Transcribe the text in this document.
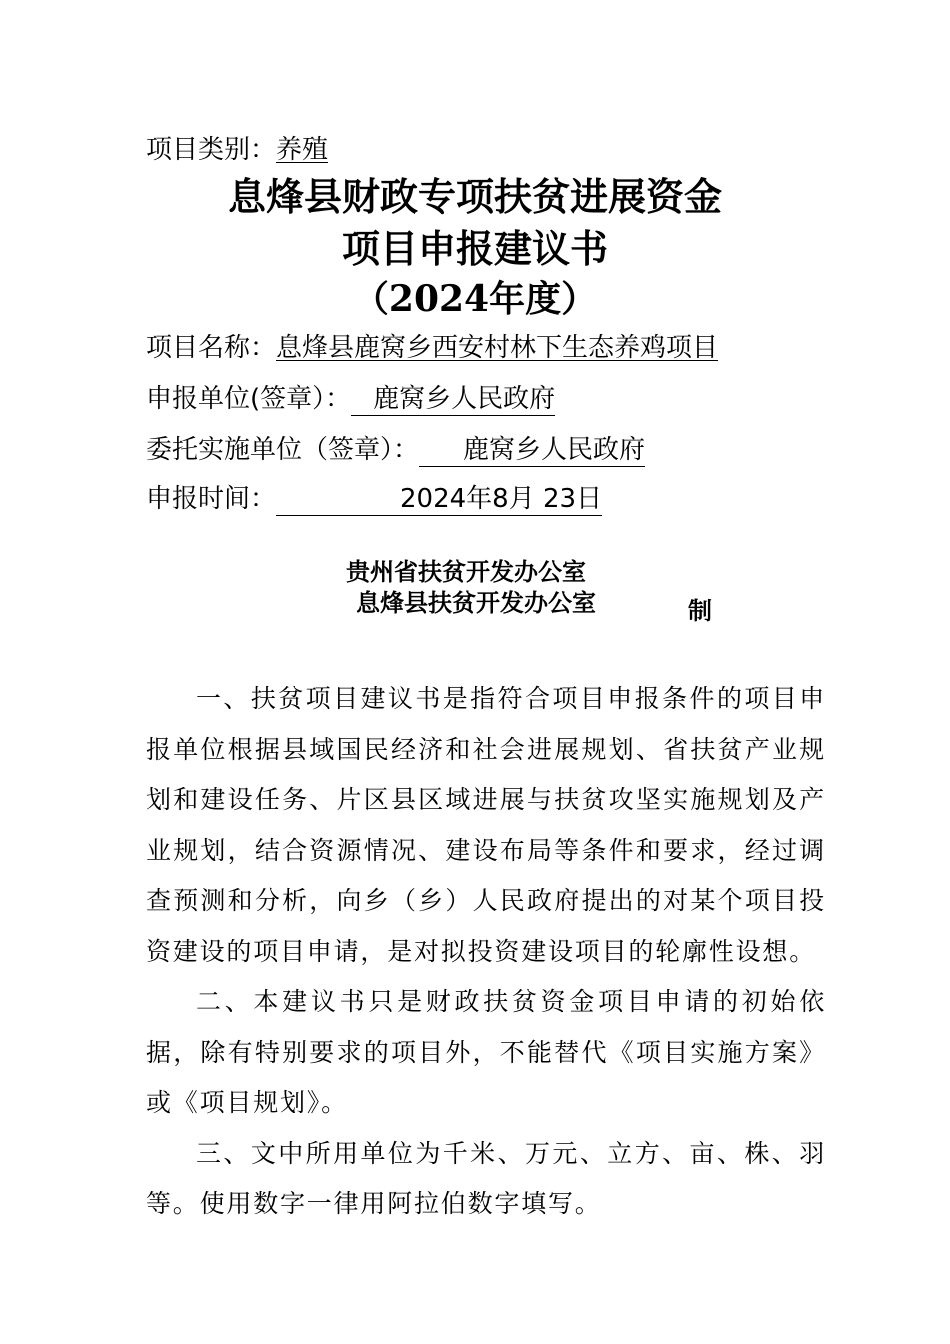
项目类别：养殖
息烽县财政专项扶贫进展资金
项目申报建议书
（2024年度）
项目名称：息烽县鹿窝乡西安村林下生态养鸡项目
申报单位(签章）： 鹿窝乡人民政府
委托实施单位（签章）： 鹿窝乡人民政府
申报时间：	2024年8月 23日
贵州省扶贫开发办公室
息烽县扶贫开发办公室	制

一、扶贫项目建议书是指符合项目申报条件的项目申报单位根据县域国民经济和社会进展规划、省扶贫产业规划和建设任务、片区县区域进展与扶贫攻坚实施规划及产业规划，结合资源情况、建设布局等条件和要求，经过调查预测和分析，向乡（乡）人民政府提出的对某个项目投资建设的项目申请，是对拟投资建设项目的轮廓性设想。

二、本建议书只是财政扶贫资金项目申请的初始依据，除有特别要求的项目外，不能替代《项目实施方案》或《项目规划》。

三、文中所用单位为千米、万元、立方、亩、株、羽等。使用数字一律用阿拉伯数字填写。
